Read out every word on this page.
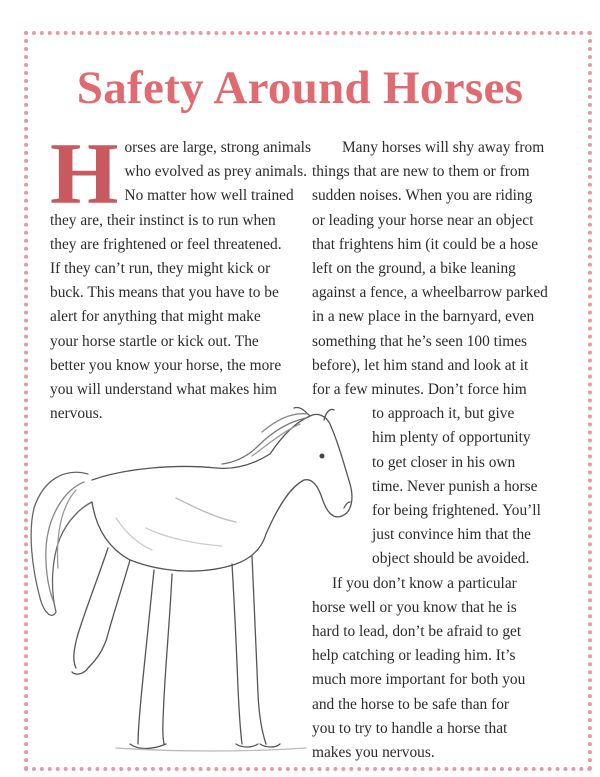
Safety Around Horses
H orses are large, strong animals
who evolved as prey animals.
No matter how well trained
they are, their instinct is to run when
they are frightened or feel threatened.
If they can’t run, they might kick or
buck. This means that you have to be
alert for anything that might make
your horse startle or kick out. The
better you know your horse, the more
you will understand what makes him
nervous.
Many horses will shy away from
things that are new to them or from
sudden noises. When you are riding
or leading your horse near an object
that frightens him (it could be a hose
left on the ground, a bike leaning
against a fence, a wheelbarrow parked
in a new place in the barnyard, even
something that he’s seen 100 times
before), let him stand and look at it
for a few minutes. Don’t force him
to approach it, but give
him plenty of opportunity
to get closer in his own
time. Never punish a horse
for being frightened. You’ll
just convince him that the
object should be avoided.
If you don’t know a particular
horse well or you know that he is
hard to lead, don’t be afraid to get
help catching or leading him. It’s
much more important for both you
and the horse to be safe than for
you to try to handle a horse that
makes you nervous.
